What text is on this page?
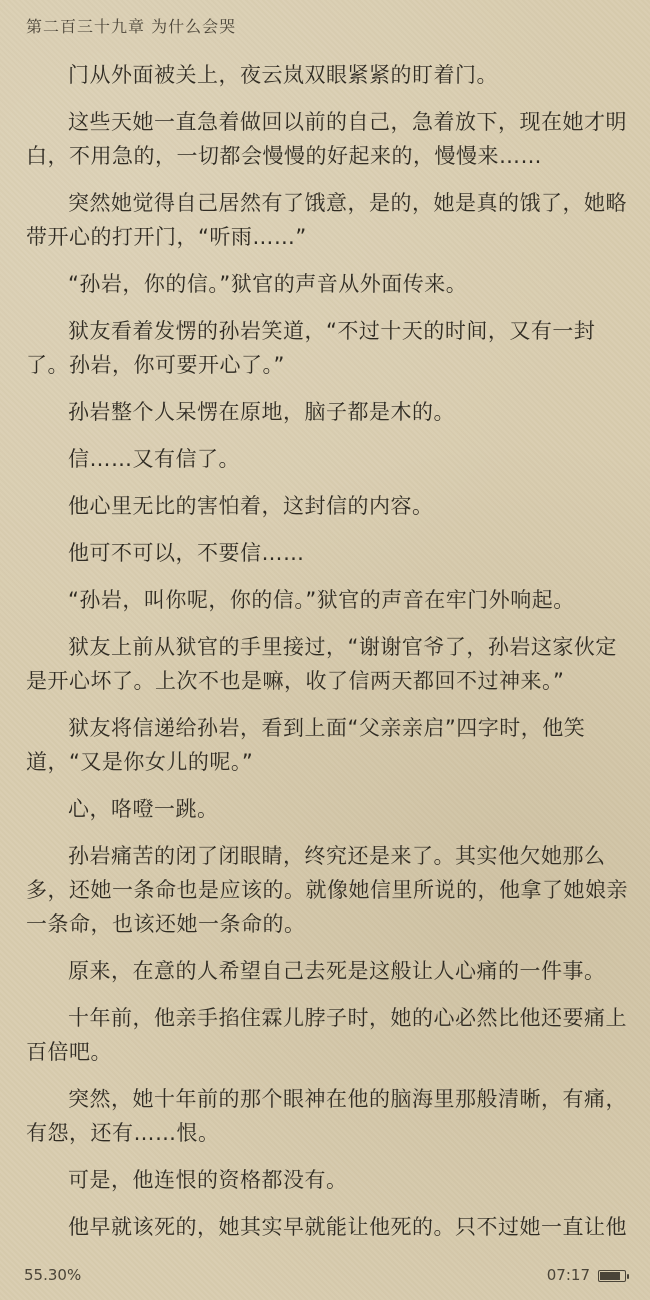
第二百三十九章 为什么会哭

门从外面被关上，夜云岚双眼紧紧的盯着门。

这些天她一直急着做回以前的自己，急着放下，现在她才明白，不用急的，一切都会慢慢的好起来的，慢慢来……

突然她觉得自己居然有了饿意，是的，她是真的饿了，她略带开心的打开门，“听雨……”

“孙岩，你的信。”狱官的声音从外面传来。

狱友看着发愣的孙岩笑道，“不过十天的时间，又有一封了。孙岩，你可要开心了。”

孙岩整个人呆愣在原地，脑子都是木的。

信……又有信了。

他心里无比的害怕着，这封信的内容。

他可不可以，不要信……

“孙岩，叫你呢，你的信。”狱官的声音在牢门外响起。

狱友上前从狱官的手里接过，“谢谢官爷了，孙岩这家伙定是开心坏了。上次不也是嘛，收了信两天都回不过神来。”

狱友将信递给孙岩，看到上面“父亲亲启”四字时，他笑道，“又是你女儿的呢。”

心，咯噔一跳。

孙岩痛苦的闭了闭眼睛，终究还是来了。其实他欠她那么多，还她一条命也是应该的。就像她信里所说的，他拿了她娘亲一条命，也该还她一条命的。

原来，在意的人希望自己去死是这般让人心痛的一件事。

十年前，他亲手掐住霖儿脖子时，她的心必然比他还要痛上百倍吧。

突然，她十年前的那个眼神在他的脑海里那般清晰，有痛，有怨，还有……恨。

可是，他连恨的资格都没有。

他早就该死的，她其实早就能让他死的。只不过她一直让他

55.30%	07:17
